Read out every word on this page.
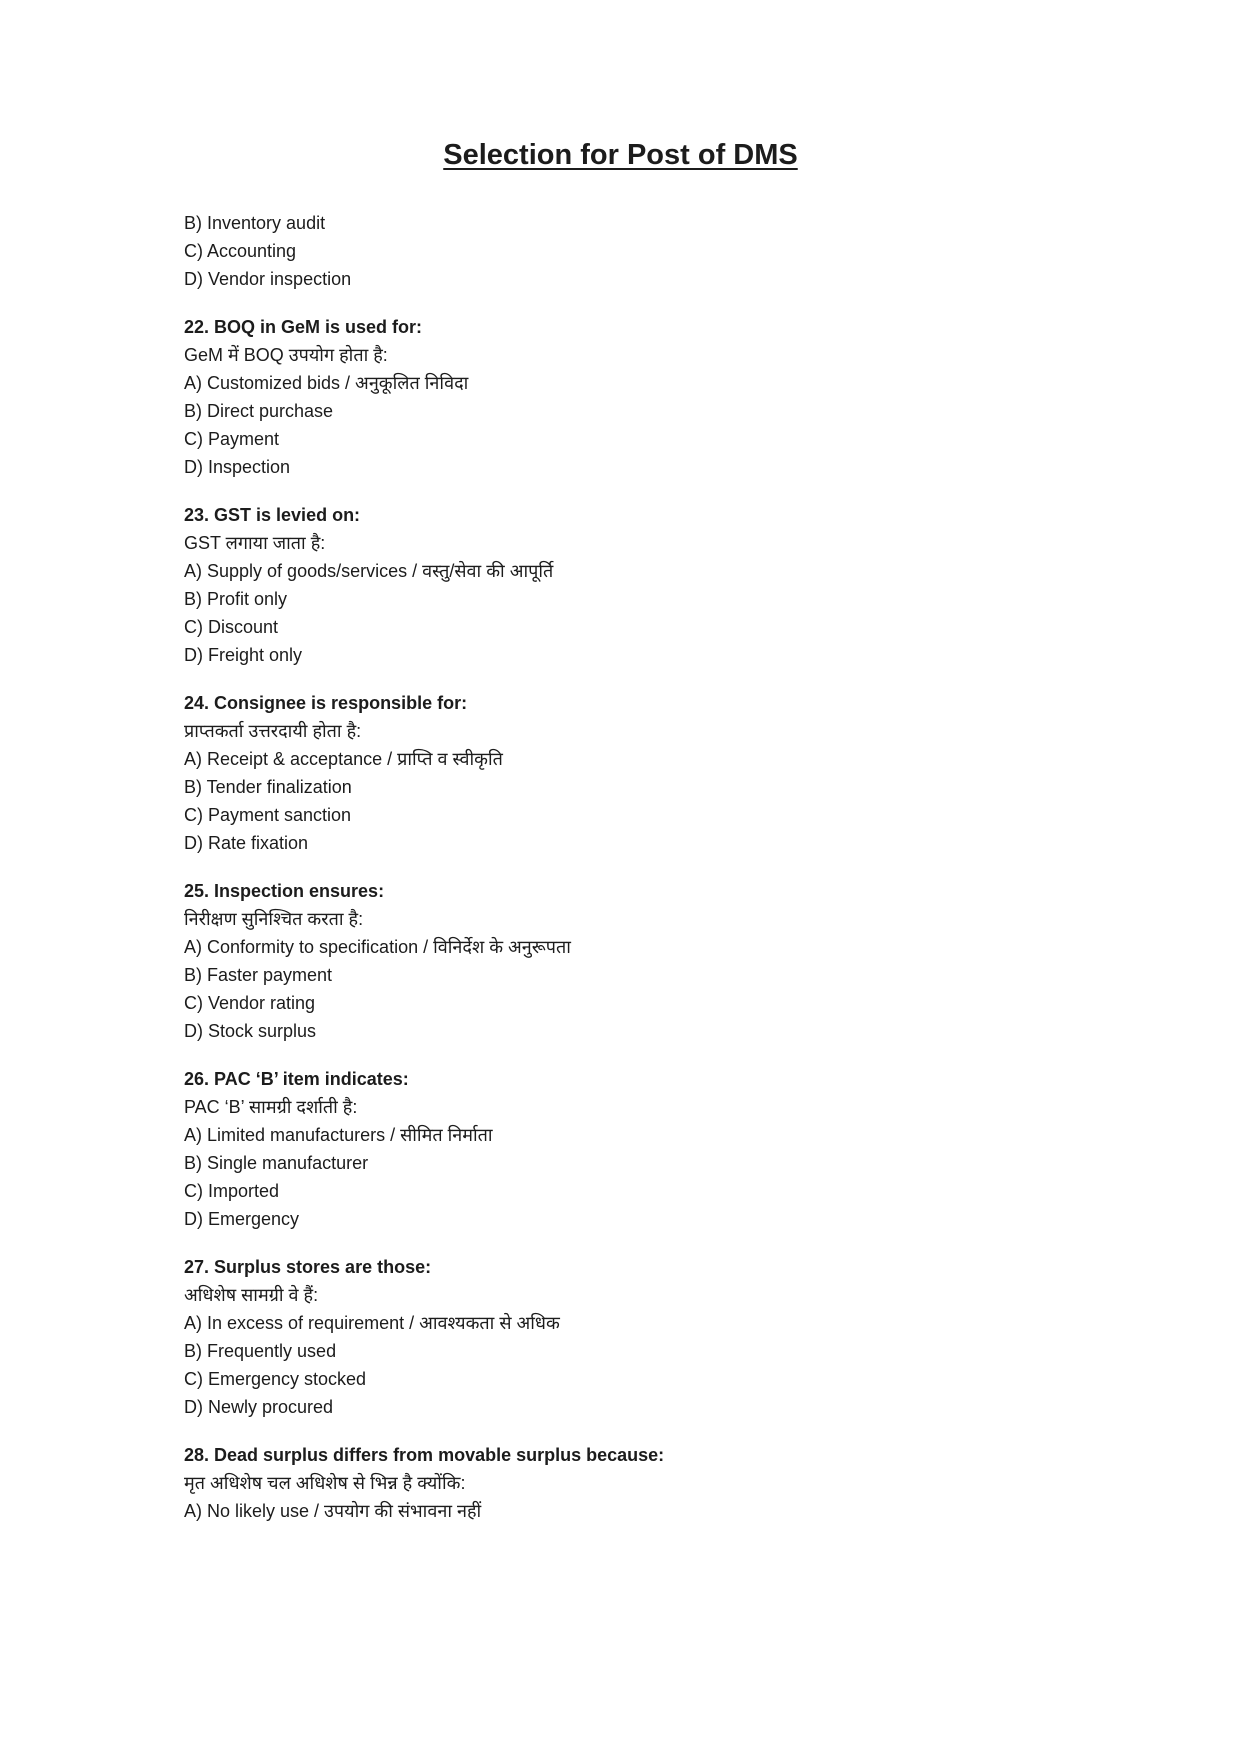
Selection for Post of DMS

B) Inventory audit

C) Accounting

D) Vendor inspection

22. BOQ in GeM is used for:

GeM में BOQ उपयोग होता है:

A) Customized bids / अनुकूलित निविदा

B) Direct purchase

C) Payment

D) Inspection

23. GST is levied on:

GST लगाया जाता है:

A) Supply of goods/services / वस्तु/सेवा की आपूर्ति

B) Profit only

C) Discount

D) Freight only

24. Consignee is responsible for:

प्राप्तकर्ता उत्तरदायी होता है:

A) Receipt & acceptance / प्राप्ति व स्वीकृति

B) Tender finalization

C) Payment sanction

D) Rate fixation

25. Inspection ensures:

निरीक्षण सुनिश्चित करता है:

A) Conformity to specification / विनिर्देश के अनुरूपता

B) Faster payment

C) Vendor rating

D) Stock surplus

26. PAC ‘B’ item indicates:

PAC ‘B’ सामग्री दर्शाती है:

A) Limited manufacturers / सीमित निर्माता

B) Single manufacturer

C) Imported

D) Emergency

27. Surplus stores are those:

अधिशेष सामग्री वे हैं:

A) In excess of requirement / आवश्यकता से अधिक

B) Frequently used

C) Emergency stocked

D) Newly procured

28. Dead surplus differs from movable surplus because:

मृत अधिशेष चल अधिशेष से भिन्न है क्योंकि:

A) No likely use / उपयोग की संभावना नहीं
